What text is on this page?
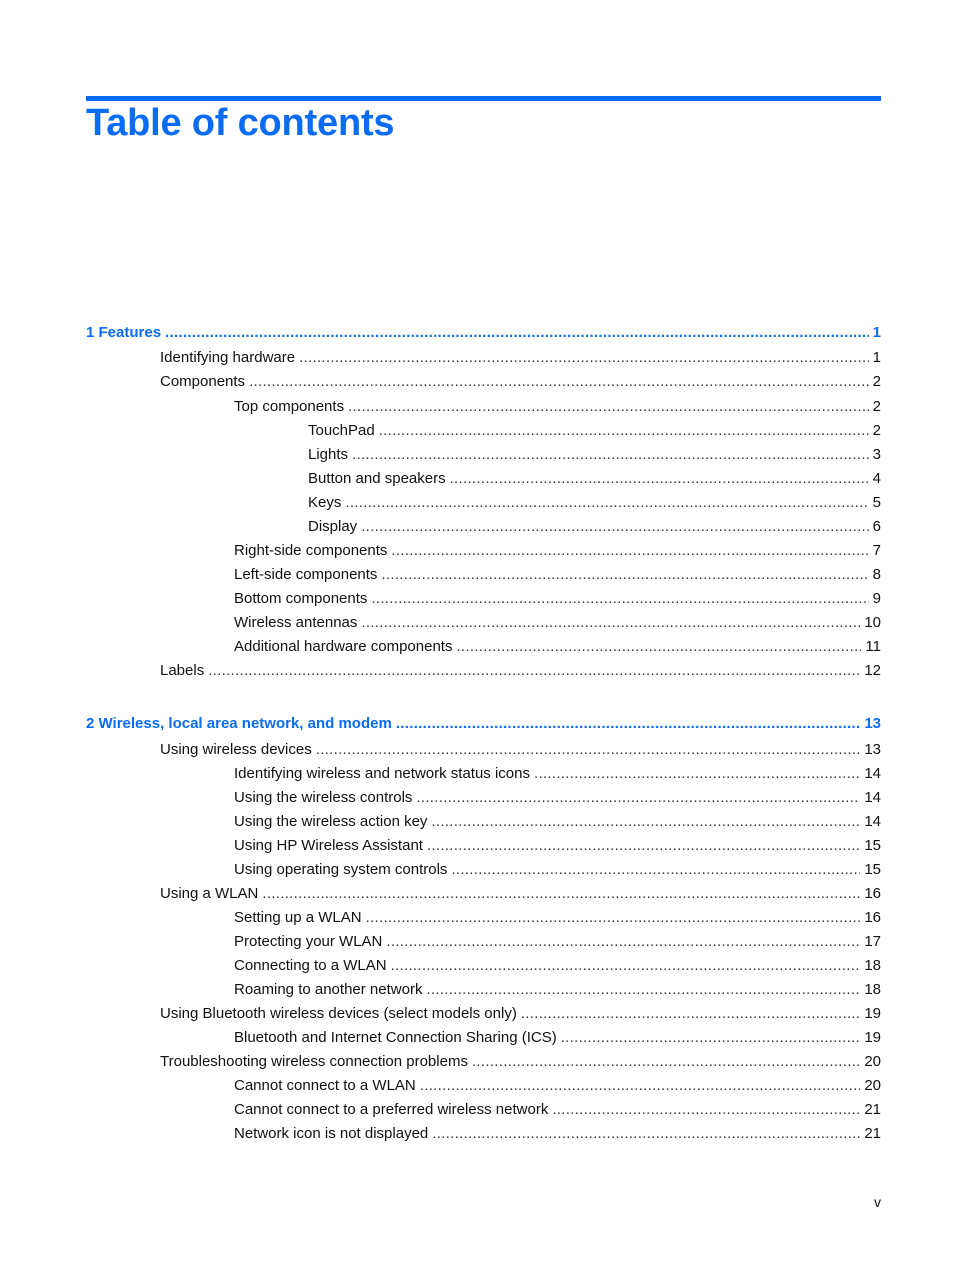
Table of contents
1 Features .....	1
Identifying hardware .....	1
Components .....	2
Top components .....	2
TouchPad .....	2
Lights .....	3
Button and speakers .....	4
Keys .....	5
Display .....	6
Right-side components .....	7
Left-side components .....	8
Bottom components .....	9
Wireless antennas .....	10
Additional hardware components .....	11
Labels .....	12
2 Wireless, local area network, and modem .....	13
Using wireless devices .....	13
Identifying wireless and network status icons .....	14
Using the wireless controls .....	14
Using the wireless action key .....	14
Using HP Wireless Assistant .....	15
Using operating system controls .....	15
Using a WLAN .....	16
Setting up a WLAN .....	16
Protecting your WLAN .....	17
Connecting to a WLAN .....	18
Roaming to another network .....	18
Using Bluetooth wireless devices (select models only) .....	19
Bluetooth and Internet Connection Sharing (ICS) .....	19
Troubleshooting wireless connection problems .....	20
Cannot connect to a WLAN .....	20
Cannot connect to a preferred wireless network .....	21
Network icon is not displayed .....	21
v
